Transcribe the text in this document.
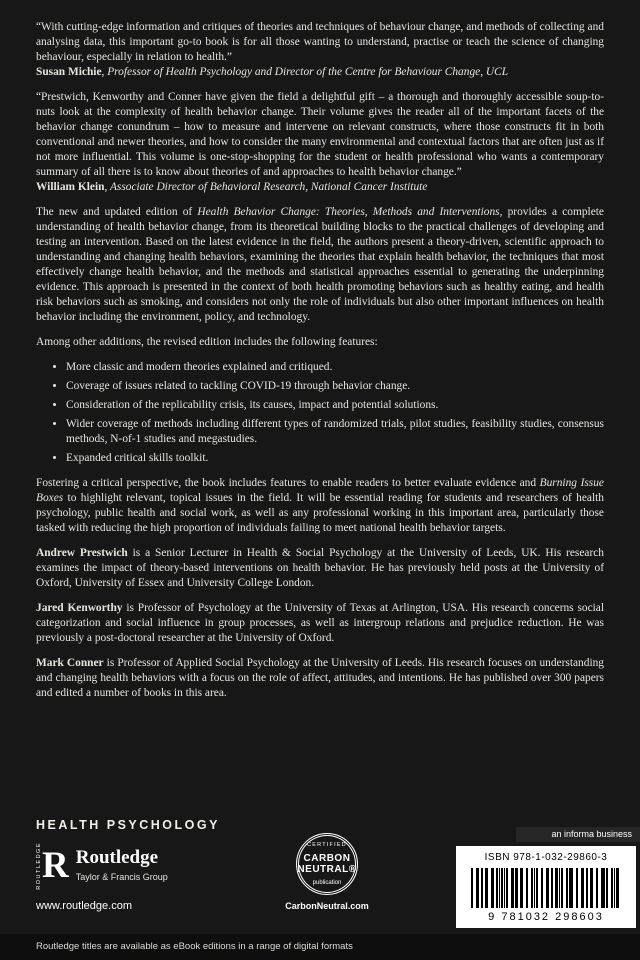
“With cutting-edge information and critiques of theories and techniques of behaviour change, and methods of collecting and analysing data, this important go-to book is for all those wanting to understand, practise or teach the science of changing behaviour, especially in relation to health.”
Susan Michie, Professor of Health Psychology and Director of the Centre for Behaviour Change, UCL

“Prestwich, Kenworthy and Conner have given the field a delightful gift – a thorough and thoroughly accessible soup-to-nuts look at the complexity of health behavior change. Their volume gives the reader all of the important facets of the behavior change conundrum – how to measure and intervene on relevant constructs, where those constructs fit in both conventional and newer theories, and how to consider the many environmental and contextual factors that are often just as if not more influential. This volume is one-stop-shopping for the student or health professional who wants a contemporary summary of all there is to know about theories of and approaches to health behavior change.”
William Klein, Associate Director of Behavioral Research, National Cancer Institute

The new and updated edition of Health Behavior Change: Theories, Methods and Interventions, provides a complete understanding of health behavior change, from its theoretical building blocks to the practical challenges of developing and testing an intervention. Based on the latest evidence in the field, the authors present a theory-driven, scientific approach to understanding and changing health behaviors, examining the theories that explain health behavior, the techniques that most effectively change health behavior, and the methods and statistical approaches essential to generating the underpinning evidence. This approach is presented in the context of both health promoting behaviors such as healthy eating, and health risk behaviors such as smoking, and considers not only the role of individuals but also other important influences on health behavior including the environment, policy, and technology.

Among other additions, the revised edition includes the following features:

• More classic and modern theories explained and critiqued.
• Coverage of issues related to tackling COVID-19 through behavior change.
• Consideration of the replicability crisis, its causes, impact and potential solutions.
• Wider coverage of methods including different types of randomized trials, pilot studies, feasibility studies, consensus methods, N-of-1 studies and megastudies.
• Expanded critical skills toolkit.

Fostering a critical perspective, the book includes features to enable readers to better evaluate evidence and Burning Issue Boxes to highlight relevant, topical issues in the field. It will be essential reading for students and researchers of health psychology, public health and social work, as well as any professional working in this important area, particularly those tasked with reducing the high proportion of individuals failing to meet national health behavior targets.

Andrew Prestwich is a Senior Lecturer in Health & Social Psychology at the University of Leeds, UK. His research examines the impact of theory-based interventions on health behavior. He has previously held posts at the University of Oxford, University of Essex and University College London.

Jared Kenworthy is Professor of Psychology at the University of Texas at Arlington, USA. His research concerns social categorization and social influence in group processes, as well as intergroup relations and prejudice reduction. He was previously a post-doctoral researcher at the University of Oxford.

Mark Conner is Professor of Applied Social Psychology at the University of Leeds. His research focuses on understanding and changing health behaviors with a focus on the role of affect, attitudes, and intentions. He has published over 300 papers and edited a number of books in this area.

HEALTH PSYCHOLOGY
ROUTLEDGE R Routledge
Taylor & Francis Group
www.routledge.com
CERTIFIED
CARBON
NEUTRAL®
publication
CarbonNeutral.com
an informa business
ISBN 978-1-032-29860-3
9 781032 298603
Routledge titles are available as eBook editions in a range of digital formats
